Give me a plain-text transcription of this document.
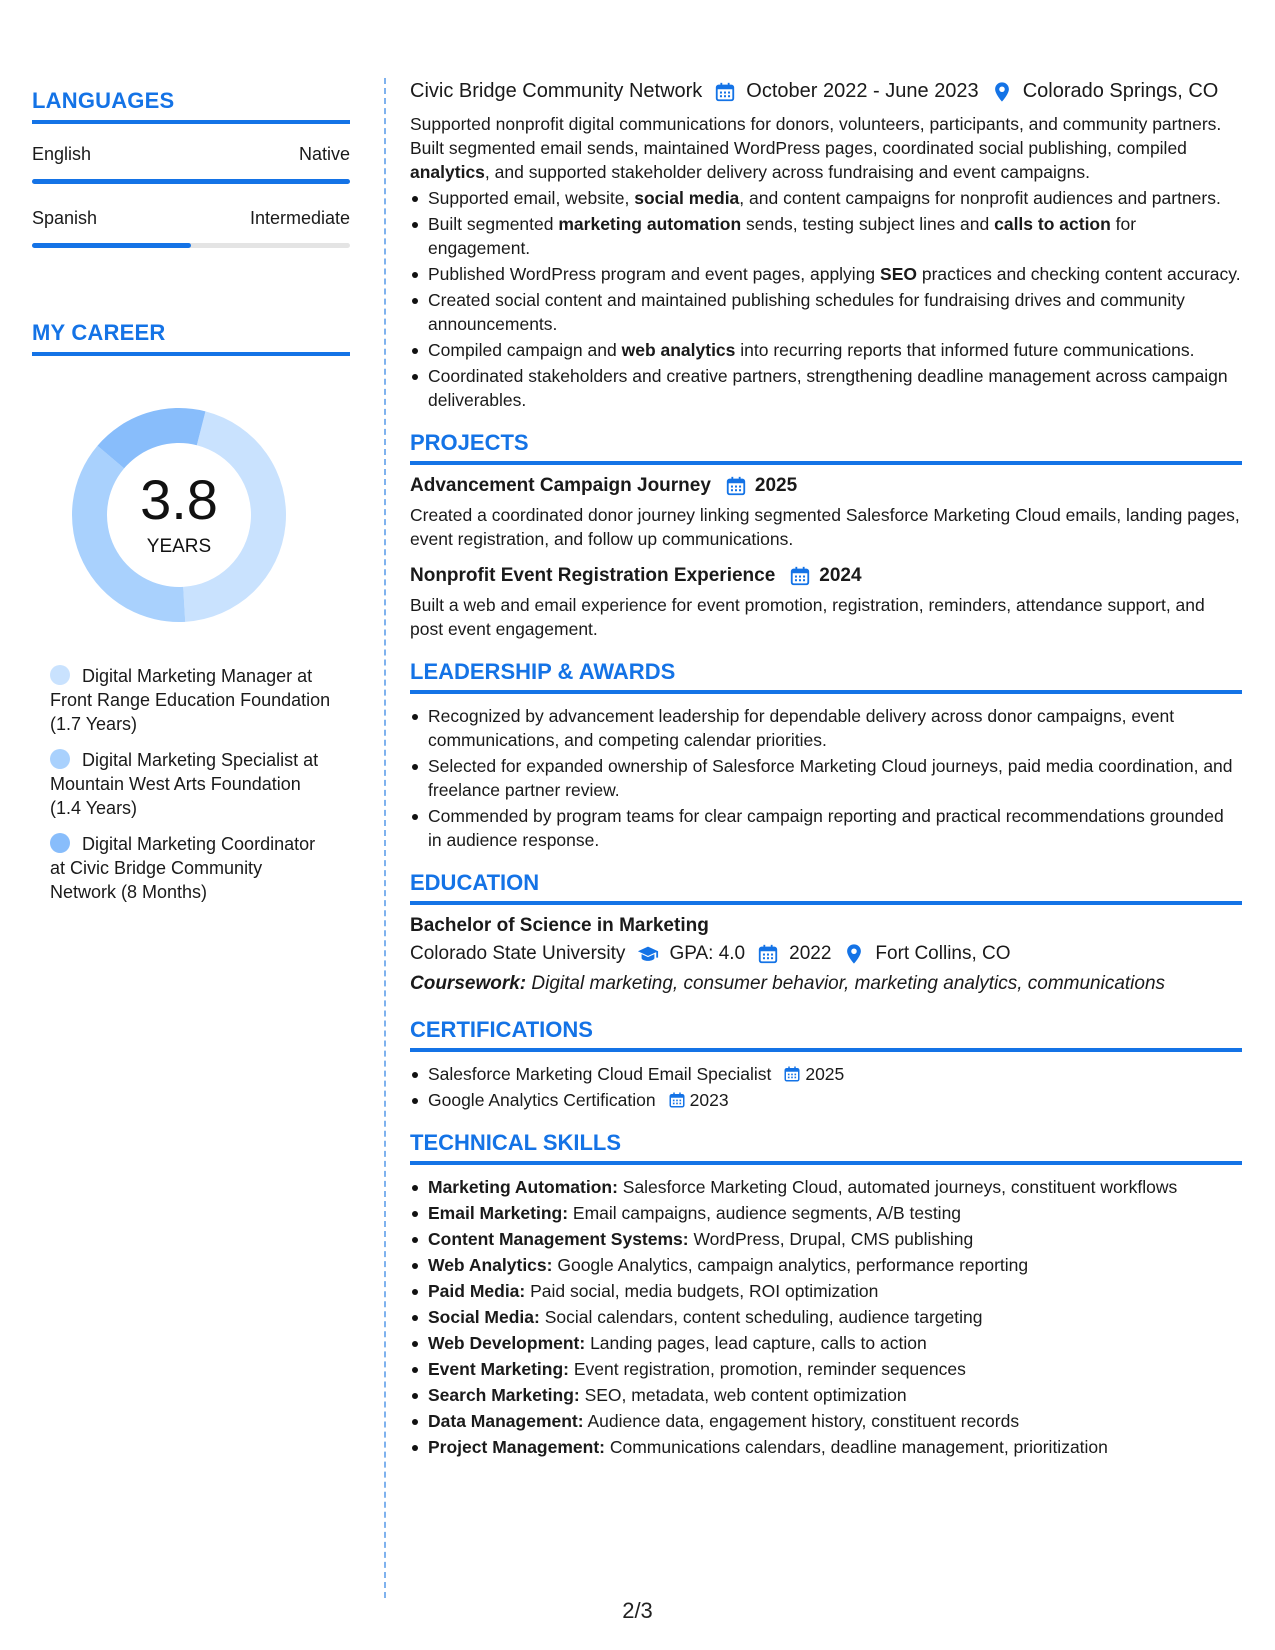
LANGUAGES
English	Native
Spanish	Intermediate
MY CAREER
3.8
YEARS
Digital Marketing Manager at Front Range Education Foundation (1.7 Years)
Digital Marketing Specialist at Mountain West Arts Foundation (1.4 Years)
Digital Marketing Coordinator at Civic Bridge Community Network (8 Months)
Civic Bridge Community Network October 2022 - June 2023 Colorado Springs, CO

Supported nonprofit digital communications for donors, volunteers, participants, and community partners. Built segmented email sends, maintained WordPress pages, coordinated social publishing, compiled analytics, and supported stakeholder delivery across fundraising and event campaigns.

Supported email, website, social media, and content campaigns for nonprofit audiences and partners.
Built segmented marketing automation sends, testing subject lines and calls to action for engagement.
Published WordPress program and event pages, applying SEO practices and checking content accuracy.
Created social content and maintained publishing schedules for fundraising drives and community announcements.
Compiled campaign and web analytics into recurring reports that informed future communications.
Coordinated stakeholders and creative partners, strengthening deadline management across campaign deliverables.
PROJECTS
Advancement Campaign Journey 2025

Created a coordinated donor journey linking segmented Salesforce Marketing Cloud emails, landing pages, event registration, and follow up communications.

Nonprofit Event Registration Experience 2024

Built a web and email experience for event promotion, registration, reminders, attendance support, and post event engagement.

LEADERSHIP & AWARDS
Recognized by advancement leadership for dependable delivery across donor campaigns, event communications, and competing calendar priorities.
Selected for expanded ownership of Salesforce Marketing Cloud journeys, paid media coordination, and freelance partner review.
Commended by program teams for clear campaign reporting and practical recommendations grounded in audience response.
EDUCATION
Bachelor of Science in Marketing
Colorado State University GPA: 4.0 2022 Fort Collins, CO
Coursework: Digital marketing, consumer behavior, marketing analytics, communications
CERTIFICATIONS
Salesforce Marketing Cloud Email Specialist 2025
Google Analytics Certification 2023
TECHNICAL SKILLS
Marketing Automation: Salesforce Marketing Cloud, automated journeys, constituent workflows
Email Marketing: Email campaigns, audience segments, A/B testing
Content Management Systems: WordPress, Drupal, CMS publishing
Web Analytics: Google Analytics, campaign analytics, performance reporting
Paid Media: Paid social, media budgets, ROI optimization
Social Media: Social calendars, content scheduling, audience targeting
Web Development: Landing pages, lead capture, calls to action
Event Marketing: Event registration, promotion, reminder sequences
Search Marketing: SEO, metadata, web content optimization
Data Management: Audience data, engagement history, constituent records
Project Management: Communications calendars, deadline management, prioritization
2/3
